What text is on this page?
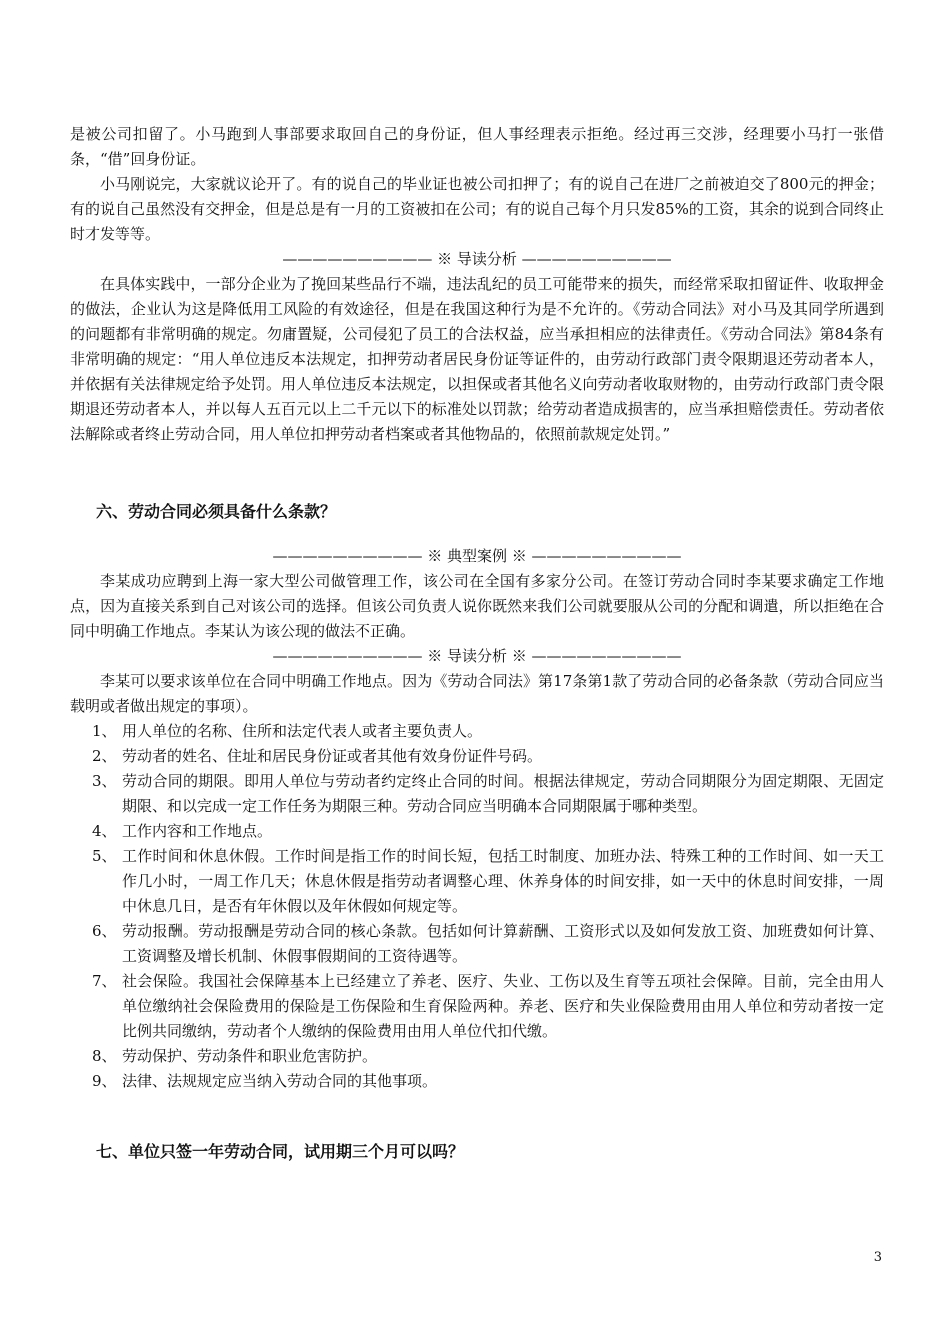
是被公司扣留了。小马跑到人事部要求取回自己的身份证，但人事经理表示拒绝。经过再三交涉，经理要小马打一张借条，“借”回身份证。

小马刚说完，大家就议论开了。有的说自己的毕业证也被公司扣押了；有的说自己在进厂之前被迫交了800元的押金；有的说自己虽然没有交押金，但是总是有一月的工资被扣在公司；有的说自己每个月只发85%的工资，其余的说到合同终止时才发等等。

—————————— ※ 导读分析 ——————————

在具体实践中，一部分企业为了挽回某些品行不端，违法乱纪的员工可能带来的损失，而经常采取扣留证件、收取押金的做法，企业认为这是降低用工风险的有效途径，但是在我国这种行为是不允许的。《劳动合同法》对小马及其同学所遇到的问题都有非常明确的规定。勿庸置疑，公司侵犯了员工的合法权益，应当承担相应的法律责任。《劳动合同法》第84条有非常明确的规定：“用人单位违反本法规定，扣押劳动者居民身份证等证件的，由劳动行政部门责令限期退还劳动者本人，并依据有关法律规定给予处罚。用人单位违反本法规定，以担保或者其他名义向劳动者收取财物的，由劳动行政部门责令限期退还劳动者本人，并以每人五百元以上二千元以下的标准处以罚款；给劳动者造成损害的，应当承担赔偿责任。劳动者依法解除或者终止劳动合同，用人单位扣押劳动者档案或者其他物品的，依照前款规定处罚。”

六、劳动合同必须具备什么条款？

—————————— ※ 典型案例 ※ ——————————

李某成功应聘到上海一家大型公司做管理工作，该公司在全国有多家分公司。在签订劳动合同时李某要求确定工作地点，因为直接关系到自己对该公司的选择。但该公司负责人说你既然来我们公司就要服从公司的分配和调遣，所以拒绝在合同中明确工作地点。李某认为该公现的做法不正确。

—————————— ※ 导读分析 ※ ——————————

李某可以要求该单位在合同中明确工作地点。因为《劳动合同法》第17条第1款了劳动合同的必备条款（劳动合同应当载明或者做出规定的事项）。

1、 用人单位的名称、住所和法定代表人或者主要负责人。
2、 劳动者的姓名、住址和居民身份证或者其他有效身份证件号码。
3、 劳动合同的期限。即用人单位与劳动者约定终止合同的时间。根据法律规定，劳动合同期限分为固定期限、无固定期限、和以完成一定工作任务为期限三种。劳动合同应当明确本合同期限属于哪种类型。
4、 工作内容和工作地点。
5、 工作时间和休息休假。工作时间是指工作的时间长短，包括工时制度、加班办法、特殊工种的工作时间、如一天工作几小时，一周工作几天；休息休假是指劳动者调整心理、休养身体的时间安排，如一天中的休息时间安排，一周中休息几日，是否有年休假以及年休假如何规定等。
6、 劳动报酬。劳动报酬是劳动合同的核心条款。包括如何计算薪酬、工资形式以及如何发放工资、加班费如何计算、工资调整及增长机制、休假事假期间的工资待遇等。
7、 社会保险。我国社会保障基本上已经建立了养老、医疗、失业、工伤以及生育等五项社会保障。目前，完全由用人单位缴纳社会保险费用的保险是工伤保险和生育保险两种。养老、医疗和失业保险费用由用人单位和劳动者按一定比例共同缴纳，劳动者个人缴纳的保险费用由用人单位代扣代缴。
8、 劳动保护、劳动条件和职业危害防护。
9、 法律、法规规定应当纳入劳动合同的其他事项。

七、单位只签一年劳动合同，试用期三个月可以吗？

3
